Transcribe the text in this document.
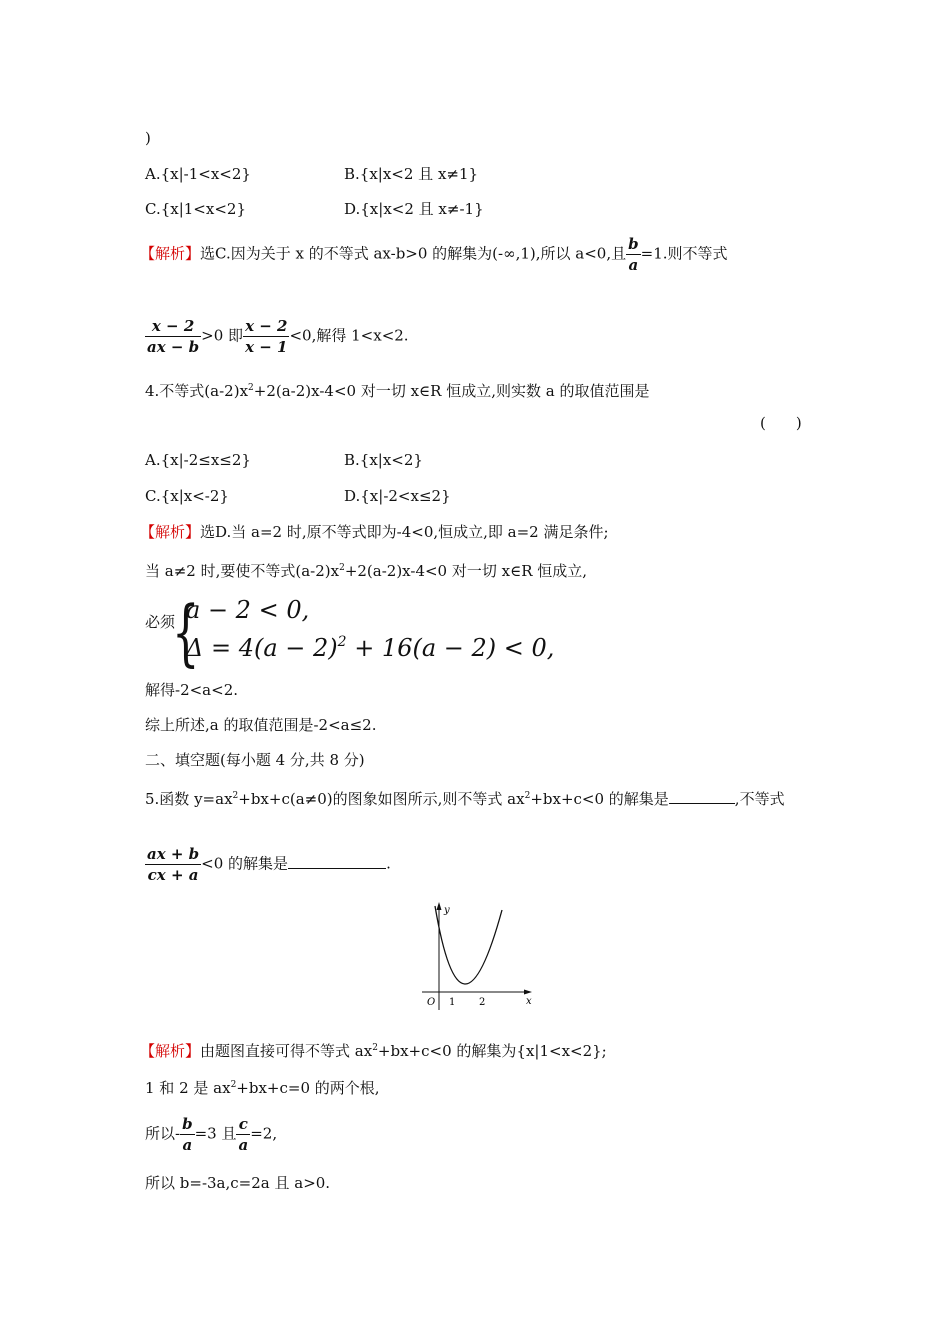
)
A.{x|-1<x<2}	B.{x|x<2 且 x≠1}
C.{x|1<x<2}	D.{x|x<2 且 x≠-1}
【解析】选C.因为关于 x 的不等式 ax-b>0 的解集为(-∞,1),所以 a<0,且 $\frac{b}{a} =1$.则不等式
$\frac{x - 2}{ax - b} >0$ 即 $\frac{x - 2}{x - 1} <0$,解得 1<x<2.
4.不等式$(a-2)x^2+2(a-2)x-4<0$ 对一切 x∈R 恒成立,则实数 a 的取值范围是
(　　)
A.{x|-2≤x≤2}	B.{x|x<2}
C.{x|x<-2}	D.{x|-2<x≤2}
【解析】选D.当 a=2 时,原不等式即为-4<0,恒成立,即 a=2 满足条件;
当 a≠2 时,要使不等式$(a-2)x^2+2(a-2)x-4<0$ 对一切 x∈R 恒成立,
必须
{
a − 2 < 0,
$\Delta = 4(a - 2)^2 + 16(a - 2) < 0$,
解得-2<a<2.
综上所述,a 的取值范围是-2<a≤2.
二、填空题(每小题 4 分,共 8 分)
5.函数 $y=ax^2+bx+c(a\ne 0)$的图象如图所示,则不等式 $ax^2+bx+c<0$ 的解集是	,不等式
$\frac{ax + b}{cx + a} <0$ 的解集是	.
y
x
O 1 2
【解析】由题图直接可得不等式 $ax^2+bx+c<0$ 的解集为{x|1<x<2};
1 和 2 是 $ax^2+bx+c=0$ 的两个根,
所以- $\frac{b}{a} =3$ 且 $\frac{c}{a} =2$,
所以 b=-3a,c=2a 且 a>0.
